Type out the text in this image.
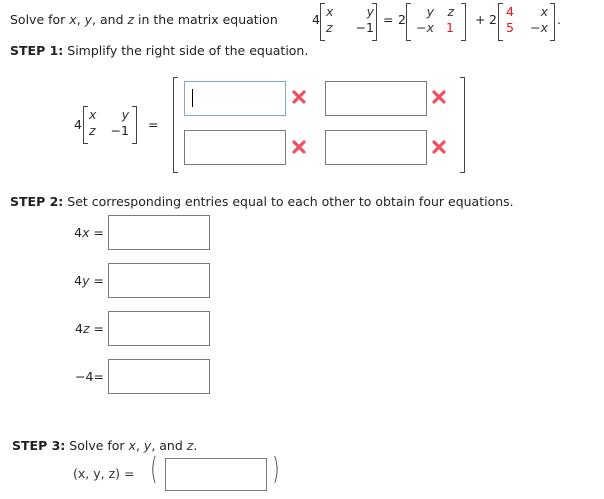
Solve for x, y, and z in the matrix equation	4
x	y
z	−1
= 2
y	z
−x 1
+ 2
4	x
5	−x
.
STEP 1: Simplify the right side of the equation.
4
x	y
z	−1 =
STEP 2: Set corresponding entries equal to each other to obtain four equations.
4x =
4y =
4z =
−4=
STEP 3: Solve for x, y, and z.
(x, y, z) = (	)
